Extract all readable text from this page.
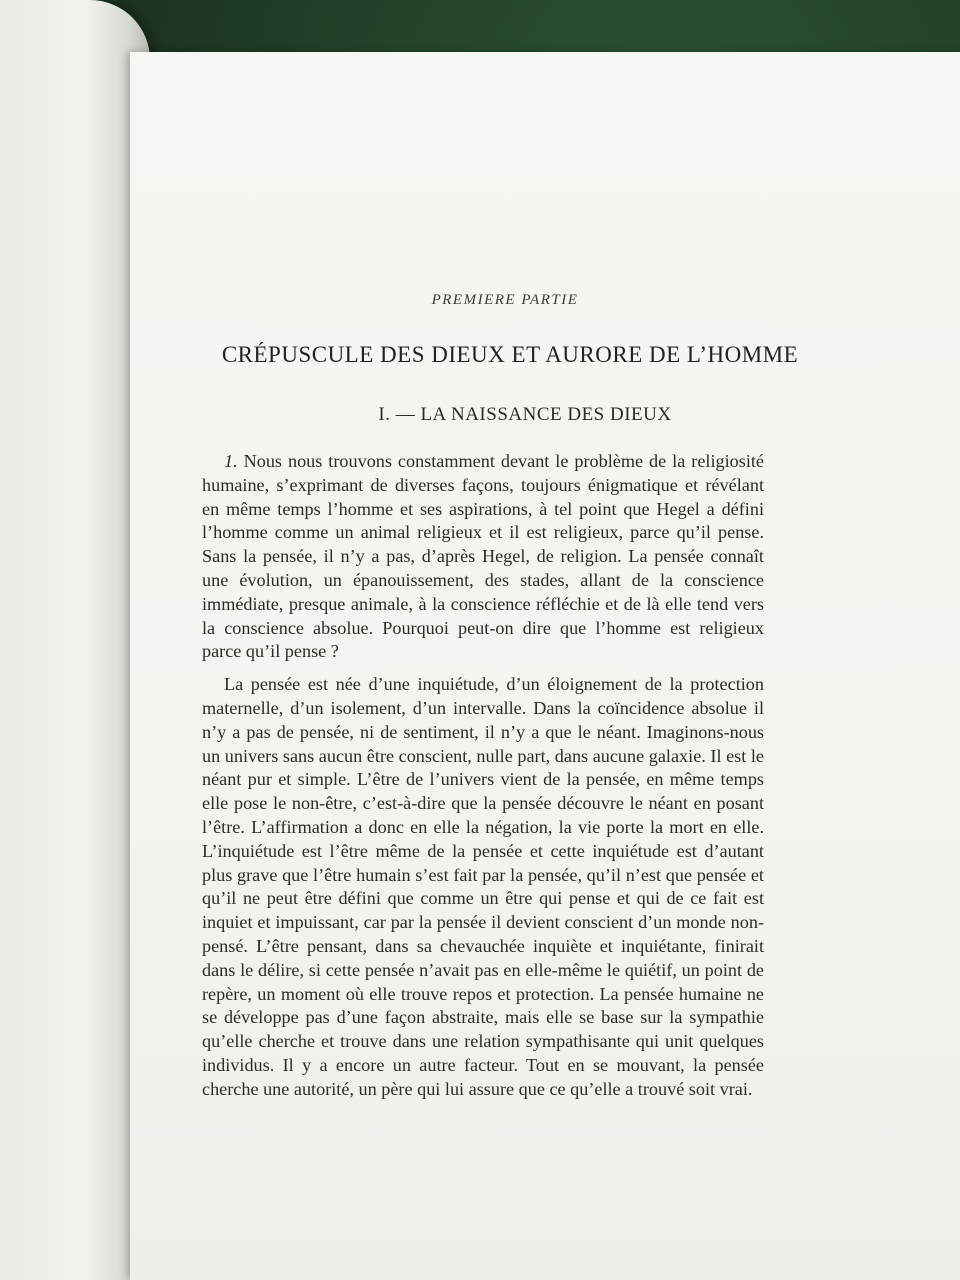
PREMIERE PARTIE
CRÉPUSCULE DES DIEUX ET AURORE DE L’HOMME
I. — LA NAISSANCE DES DIEUX

1. Nous nous trouvons constamment devant le problème de la religiosité humaine, s’exprimant de diverses façons, toujours énigmatique et révélant en même temps l’homme et ses aspirations, à tel point que Hegel a défini l’homme comme un animal religieux et il est religieux, parce qu’il pense. Sans la pensée, il n’y a pas, d’après Hegel, de religion. La pensée connaît une évolution, un épanouissement, des stades, allant de la conscience immédiate, presque animale, à la conscience réfléchie et de là elle tend vers la conscience absolue. Pourquoi peut-on dire que l’homme est religieux parce qu’il pense ?

La pensée est née d’une inquiétude, d’un éloignement de la protection maternelle, d’un isolement, d’un intervalle. Dans la coïncidence absolue il n’y a pas de pensée, ni de sentiment, il n’y a que le néant. Imaginons-nous un univers sans aucun être conscient, nulle part, dans aucune galaxie. Il est le néant pur et simple. L’être de l’univers vient de la pensée, en même temps elle pose le non-être, c’est-à-dire que la pensée découvre le néant en posant l’être. L’affirmation a donc en elle la négation, la vie porte la mort en elle. L’inquiétude est l’être même de la pensée et cette inquiétude est d’autant plus grave que l’être humain s’est fait par la pensée, qu’il n’est que pensée et qu’il ne peut être défini que comme un être qui pense et qui de ce fait est inquiet et impuissant, car par la pensée il devient conscient d’un monde non-pensé. L’être pensant, dans sa chevauchée inquiète et inquiétante, finirait dans le délire, si cette pensée n’avait pas en elle-même le quiétif, un point de repère, un moment où elle trouve repos et protection. La pensée humaine ne se développe pas d’une façon abstraite, mais elle se base sur la sympathie qu’elle cherche et trouve dans une relation sympathisante qui unit quelques individus. Il y a encore un autre facteur. Tout en se mouvant, la pensée cherche une autorité, un père qui lui assure que ce qu’elle a trouvé soit vrai.
